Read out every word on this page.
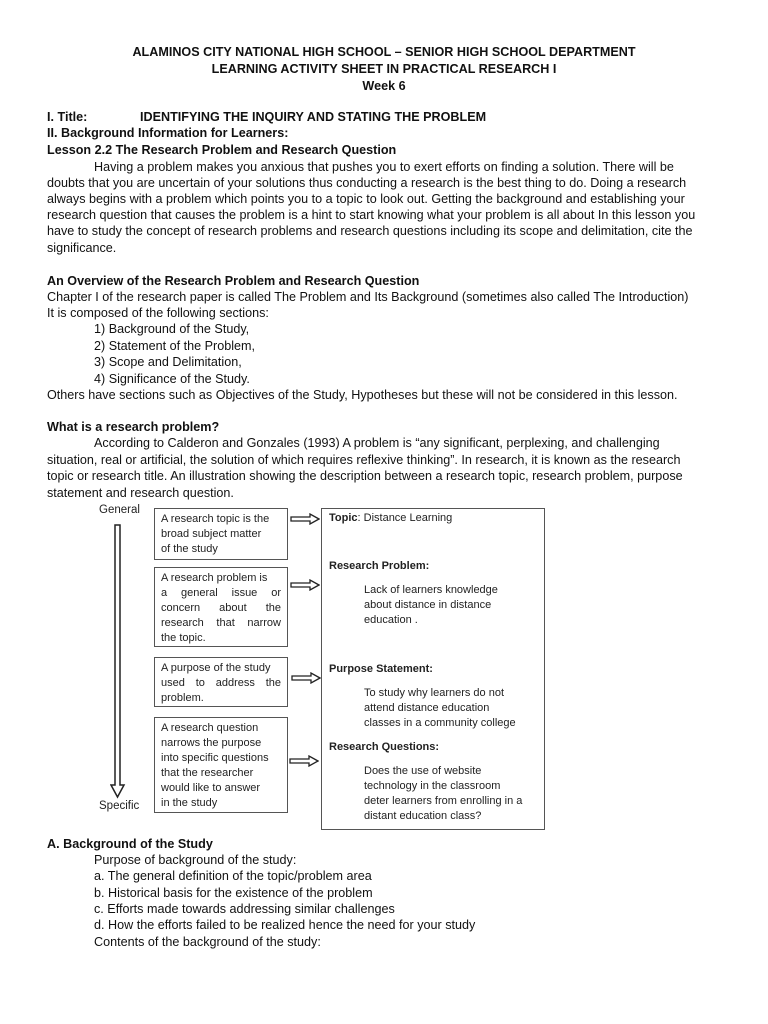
ALAMINOS CITY NATIONAL HIGH SCHOOL – SENIOR HIGH SCHOOL DEPARTMENT
LEARNING ACTIVITY SHEET IN PRACTICAL RESEARCH I
Week 6
I. Title:	IDENTIFYING THE INQUIRY AND STATING THE PROBLEM
II. Background Information for Learners:
Lesson 2.2 The Research Problem and Research Question
Having a problem makes you anxious that pushes you to exert efforts on finding a solution. There will be
doubts that you are uncertain of your solutions thus conducting a research is the best thing to do. Doing a research
always begins with a problem which points you to a topic to look out. Getting the background and establishing your
research question that causes the problem is a hint to start knowing what your problem is all about In this lesson you
have to study the concept of research problems and research questions including its scope and delimitation, cite the
significance.
An Overview of the Research Problem and Research Question
Chapter I of the research paper is called The Problem and Its Background (sometimes also called The Introduction)
It is composed of the following sections:
1) Background of the Study,
2) Statement of the Problem,
3) Scope and Delimitation,
4) Significance of the Study.
Others have sections such as Objectives of the Study, Hypotheses but these will not be considered in this lesson.
What is a research problem?
According to Calderon and Gonzales (1993) A problem is “any significant, perplexing, and challenging
situation, real or artificial, the solution of which requires reflexive thinking”. In research, it is known as the research
topic or research title. An illustration showing the description between a research topic, research problem, purpose
statement and research question.
General
Specific
A research topic is the
broad subject matter
of the study
A research problem is
a general issue or
concern about the
research that narrow
the topic.
A purpose of the study
used to address the
problem.
A research question
narrows the purpose
into specific questions
that the researcher
would like to answer
in the study
Topic: Distance Learning
Research Problem:
Lack of learners knowledge
about distance in distance
education .
Purpose Statement:
To study why learners do not
attend distance education
classes in a community college
Research Questions:
Does the use of website
technology in the classroom
deter learners from enrolling in a
distant education class?
A. Background of the Study
Purpose of background of the study:
a. The general definition of the topic/problem area
b. Historical basis for the existence of the problem
c. Efforts made towards addressing similar challenges
d. How the efforts failed to be realized hence the need for your study
Contents of the background of the study:
